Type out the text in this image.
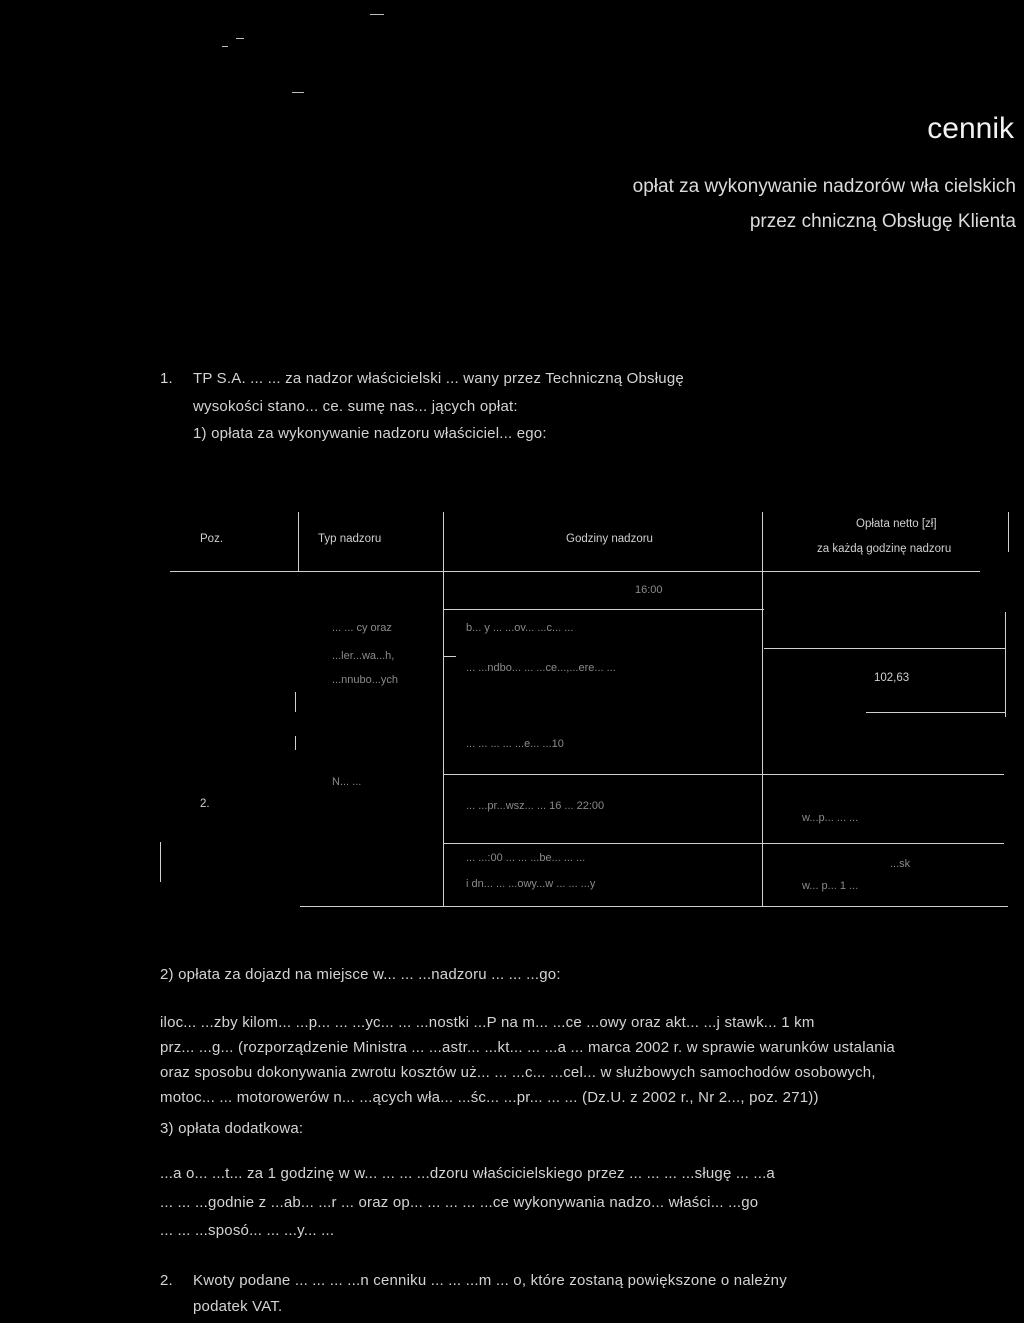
cennik
opłat za wykonywanie nadzorów wła cielskich
przez chniczną Obsługę Klienta
1. TP S.A. ... ... za nadzor właścicielski ... wany przez Techniczną Obsługę
wysokości stano... ce. sumę nas... jących opłat:
1) opłata za wykonywanie nadzoru właściciel... ego:
Poz.	Typ nadzoru	Godziny nadzoru
Opłata netto [zł]
za każdą godzinę nadzoru
16:00
... ... cy oraz
...ler...wa...h,
...nnubo...ych
b... y ... ...ov... ...c... ...
... ...ndbo... ... ...ce...,...ere... ...
102,63
... ... ... ... ...e... ...10
2.
N... ...
... ...pr...wsz... ... 16 ... 22:00
w...p... ... ...
... ...:00 ... ... ...be... ... ...
i dn... ... ...owy...w ... ... ...y
...sk
w... p... 1 ...
2) opłata za dojazd na miejsce w... ... ...nadzoru ... ... ...go:
iloc... ...zby kilom... ...p... ... ...yc... ... ...nostki ...P na m... ...ce ...owy oraz akt... ...j stawk... 1 km
prz... ...g... (rozporządzenie Ministra ... ...astr... ...kt... ... ...a ... marca 2002 r. w sprawie warunków ustalania
oraz sposobu dokonywania zwrotu kosztów uż... ... ...c... ...cel... w służbowych samochodów osobowych,
motoc... ... motorowerów n... ...ących wła... ...śc... ...pr... ... ... (Dz.U. z 2002 r., Nr 2..., poz. 271))
3) opłata dodatkowa:
...a o... ...t... za 1 godzinę w w... ... ... ...dzoru właścicielskiego przez ... ... ... ...sługę ... ...a
... ... ...godnie z ...ab... ...r ... oraz op... ... ... ... ...ce wykonywania nadzo... właści... ...go
... ... ...sposó... ... ...y... ...
2. Kwoty podane ... ... ... ...n cenniku ... ... ...m ... o, które zostaną powiększone o należny
podatek VAT.
